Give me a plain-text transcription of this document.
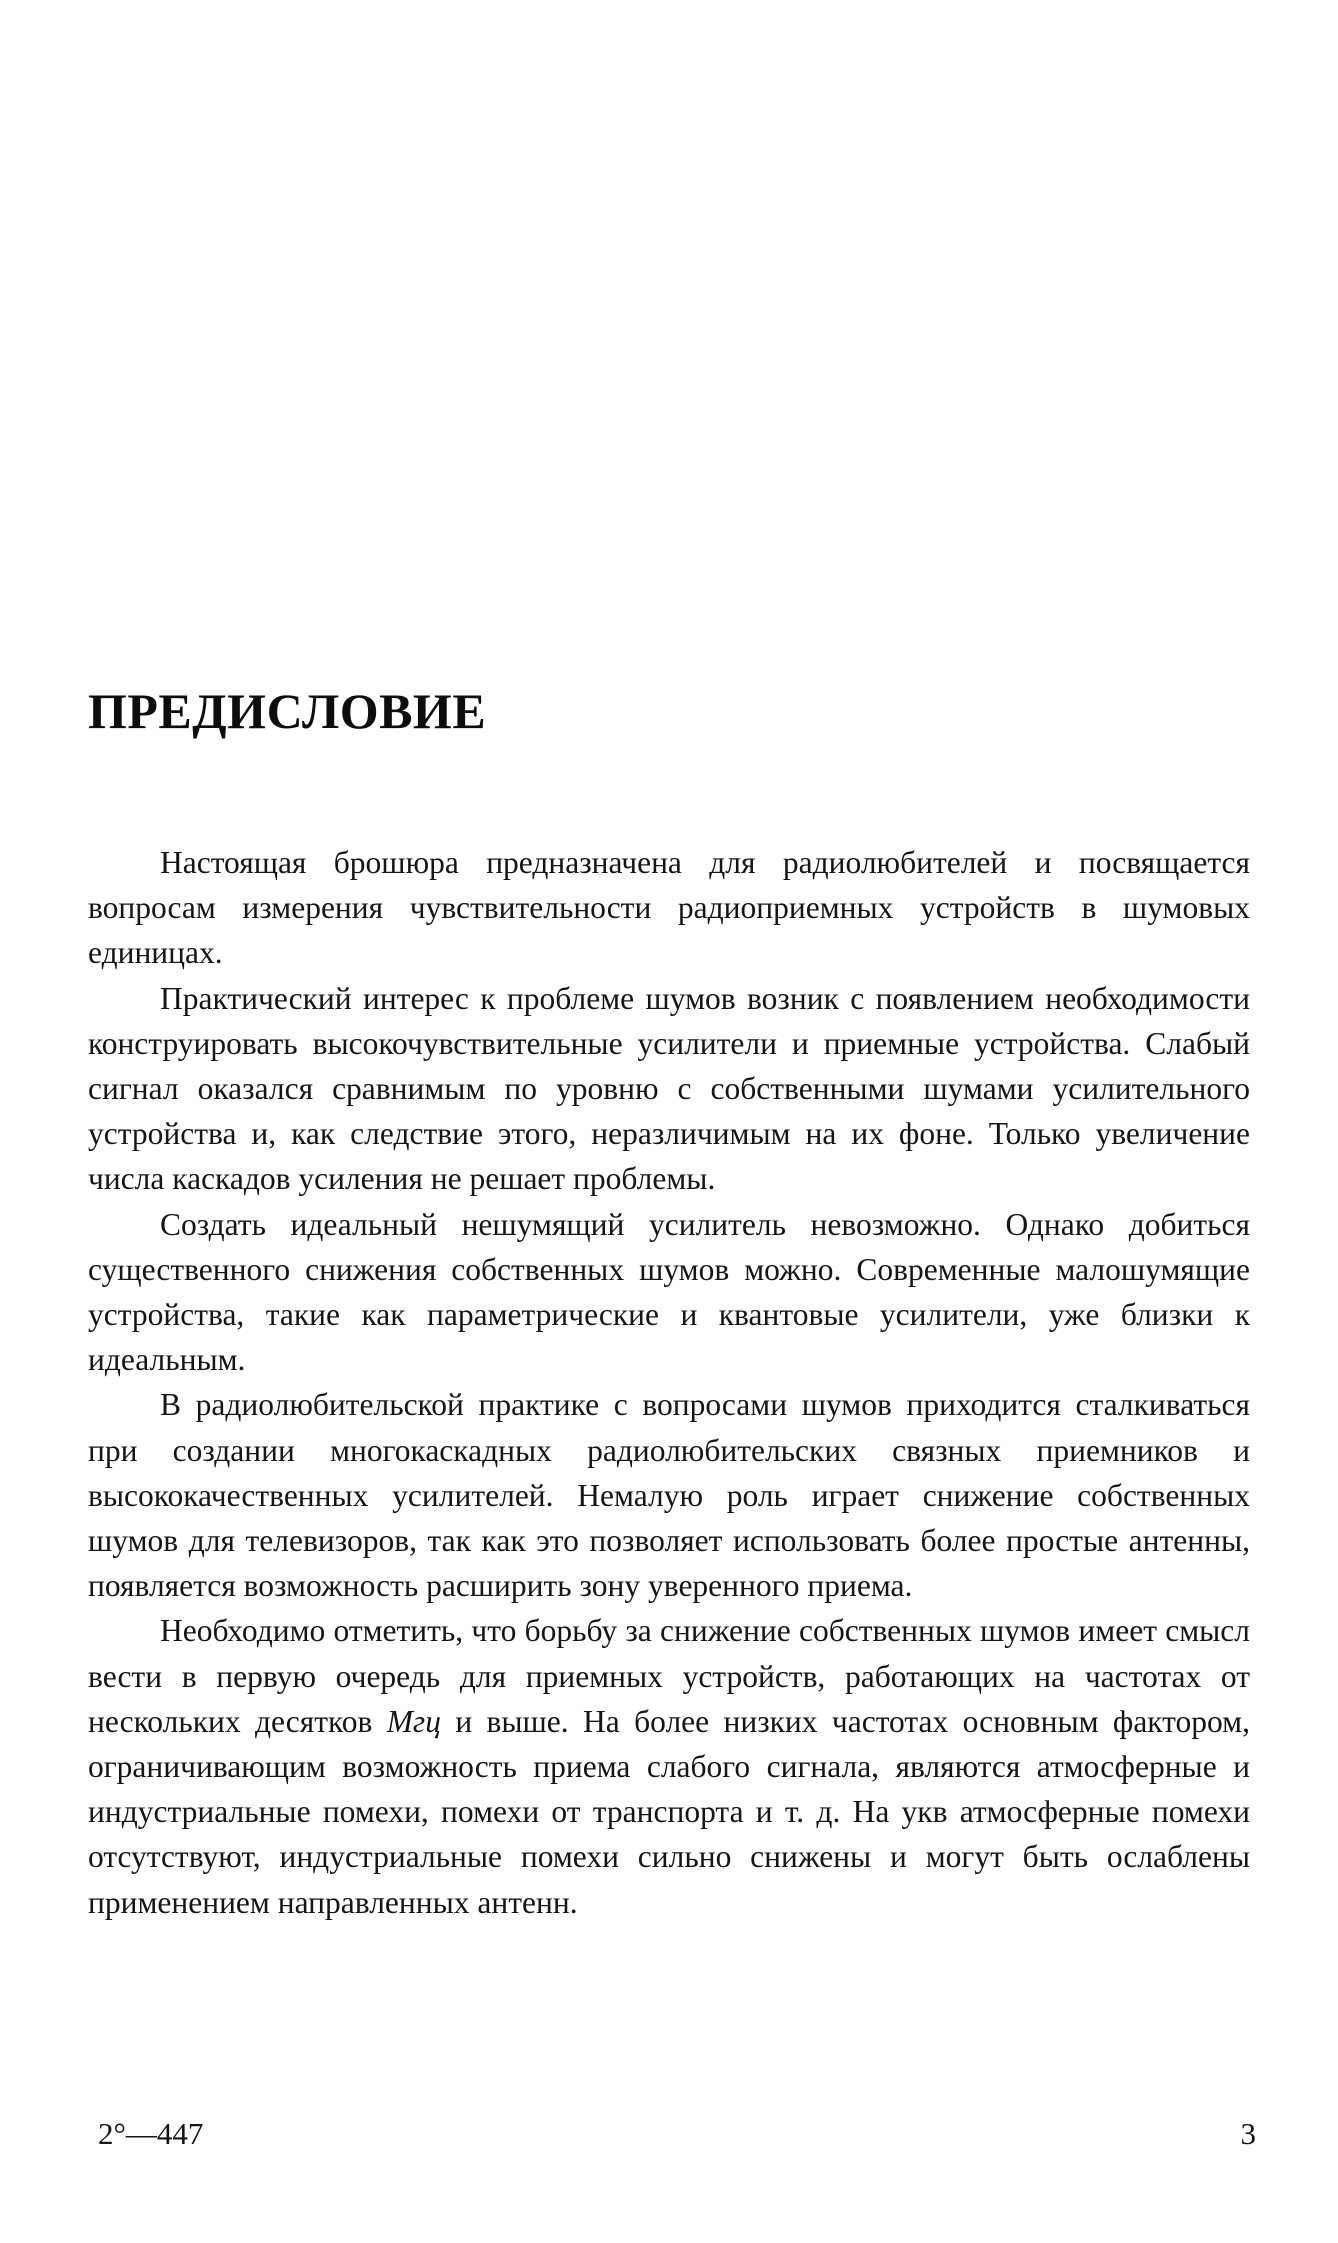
ПРЕДИСЛОВИЕ

Настоящая брошюра предназначена для радиолюбителей и посвящается вопросам измерения чувствительности радиоприемных устройств в шумовых единицах.

Практический интерес к проблеме шумов возник с появлением необходимости конструировать высокочувствительные усилители и приемные устройства. Слабый сигнал оказался сравнимым по уровню с собственными шумами усилительного устройства и, как следствие этого, неразличимым на их фоне. Только увеличение числа каскадов усиления не решает проблемы.

Создать идеальный нешумящий усилитель невозможно. Однако добиться существенного снижения собственных шумов можно. Современные малошумящие устройства, такие как параметрические и квантовые усилители, уже близки к идеальным.

В радиолюбительской практике с вопросами шумов приходится сталкиваться при создании многокаскадных радиолюбительских связных приемников и высококачественных усилителей. Немалую роль играет снижение собственных шумов для телевизоров, так как это позволяет использовать более простые антенны, появляется возможность расширить зону уверенного приема.

Необходимо отметить, что борьбу за снижение собственных шумов имеет смысл вести в первую очередь для приемных устройств, работающих на частотах от нескольких десятков Мгц и выше. На более низких частотах основным фактором, ограничивающим возможность приема слабого сигнала, являются атмосферные и индустриальные помехи, помехи от транспорта и т. д. На укв атмосферные помехи отсутствуют, индустриальные помехи сильно снижены и могут быть ослаблены применением направленных антенн.

2°—447	3
